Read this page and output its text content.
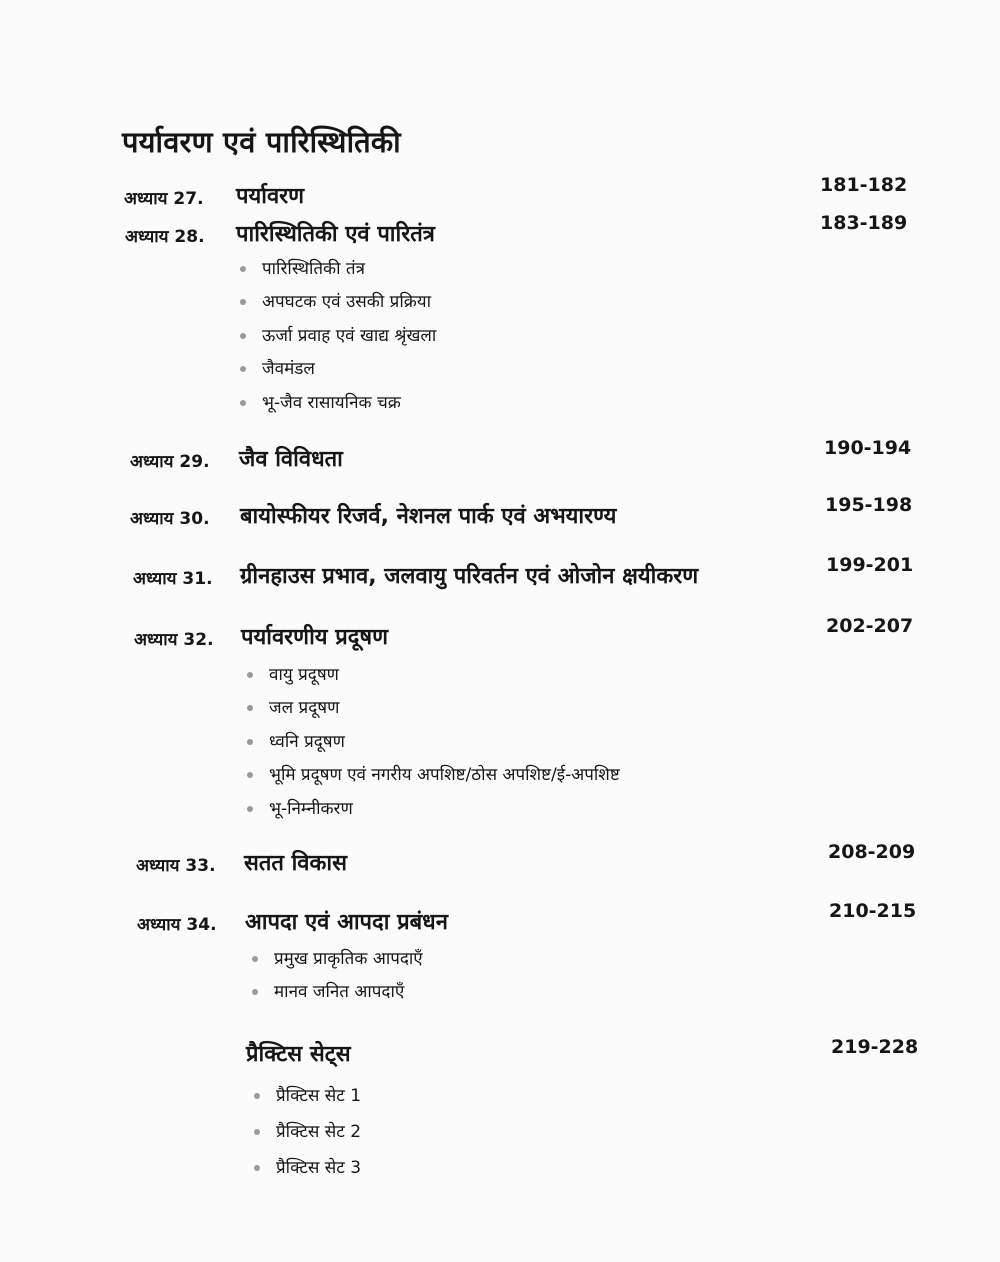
पर्यावरण एवं पारिस्थितिकी
अध्याय 27. पर्यावरण	181-182
अध्याय 28. पारिस्थितिकी एवं पारितंत्र	183-189
पारिस्थितिकी तंत्र
अपघटक एवं उसकी प्रक्रिया
ऊर्जा प्रवाह एवं खाद्य श्रृंखला
जैवमंडल
भू-जैव रासायनिक चक्र
अध्याय 29. जैव विविधता	190-194
अध्याय 30. बायोस्फीयर रिजर्व, नेशनल पार्क एवं अभयारण्य	195-198
अध्याय 31. ग्रीनहाउस प्रभाव, जलवायु परिवर्तन एवं ओजोन क्षयीकरण	199-201
अध्याय 32. पर्यावरणीय प्रदूषण	202-207
वायु प्रदूषण
जल प्रदूषण
ध्वनि प्रदूषण
भूमि प्रदूषण एवं नगरीय अपशिष्ट/ठोस अपशिष्ट/ई-अपशिष्ट
भू-निम्नीकरण
अध्याय 33. सतत विकास	208-209
अध्याय 34. आपदा एवं आपदा प्रबंधन	210-215
प्रमुख प्राकृतिक आपदाएँ
मानव जनित आपदाएँ
प्रैक्टिस सेट्स	219-228
प्रैक्टिस सेट 1
प्रैक्टिस सेट 2
प्रैक्टिस सेट 3
